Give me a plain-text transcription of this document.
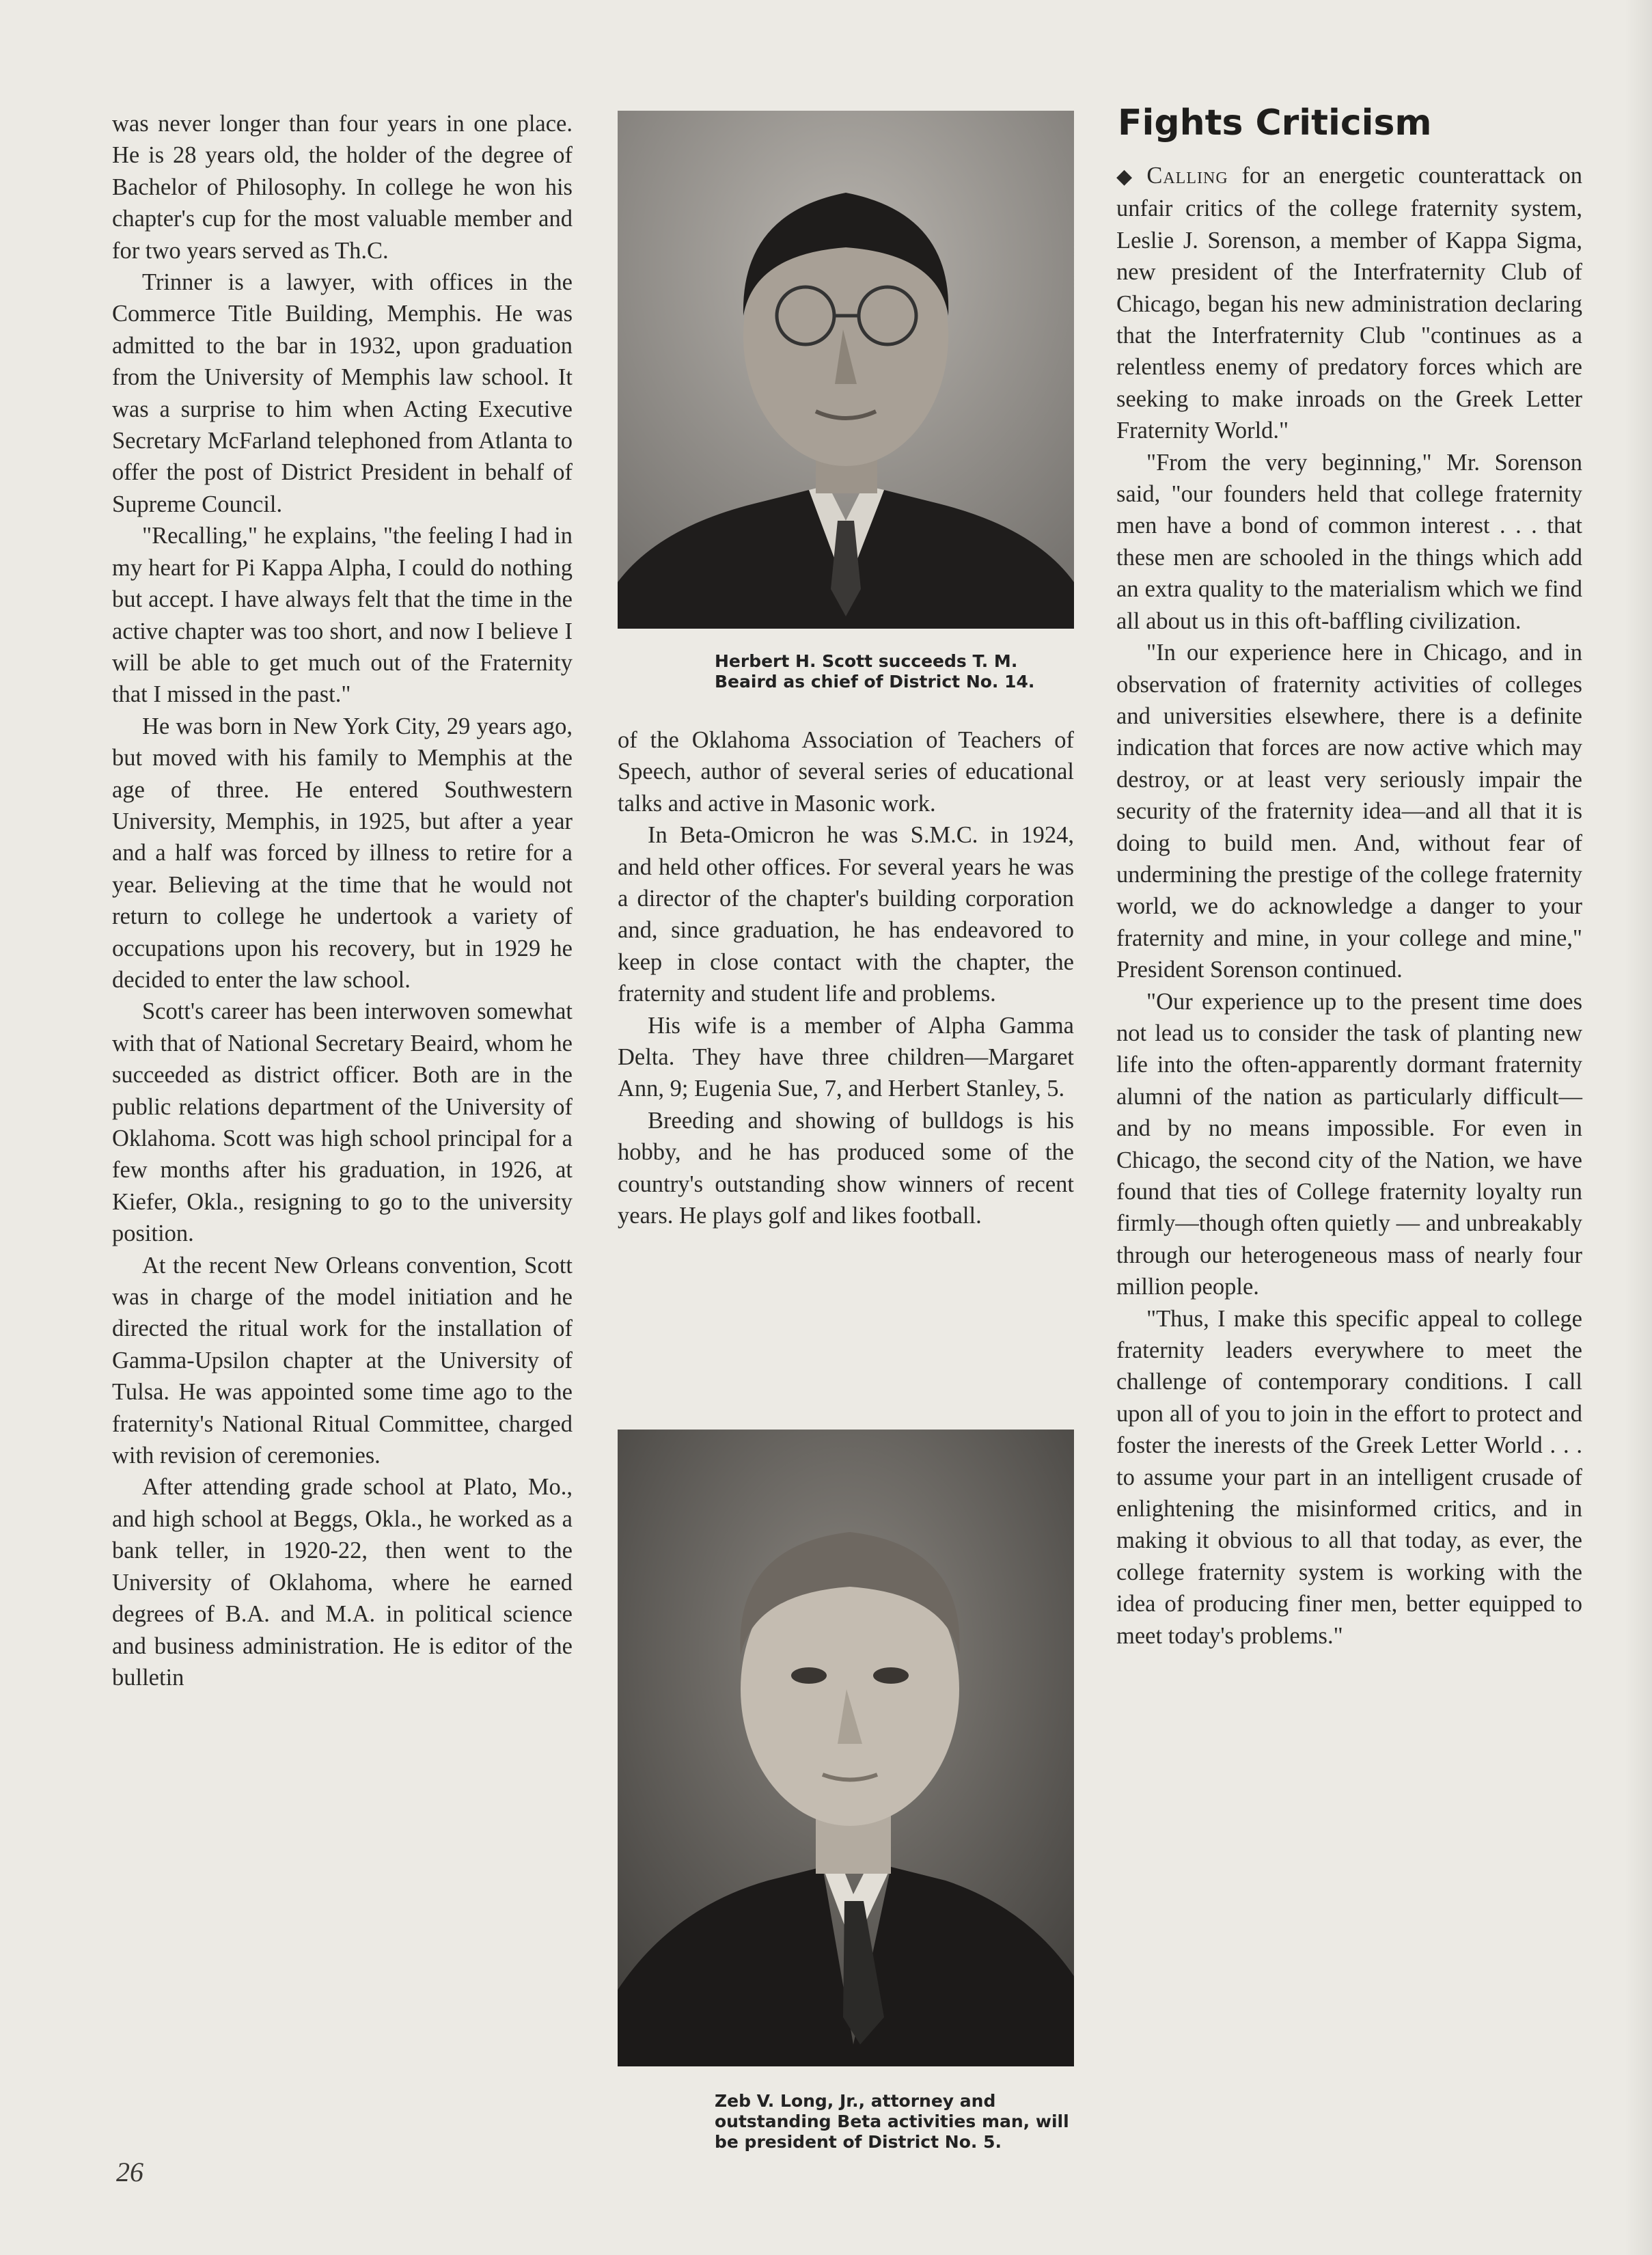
was never longer than four years in one place. He is 28 years old, the holder of the degree of Bachelor of Philosophy. In college he won his chapter's cup for the most valuable member and for two years served as Th.C.

Trinner is a lawyer, with offices in the Commerce Title Building, Memphis. He was admitted to the bar in 1932, upon graduation from the University of Memphis law school. It was a surprise to him when Acting Executive Secretary McFarland telephoned from Atlanta to offer the post of District President in behalf of Supreme Council.

"Recalling," he explains, "the feeling I had in my heart for Pi Kappa Alpha, I could do nothing but accept. I have always felt that the time in the active chapter was too short, and now I believe I will be able to get much out of the Fraternity that I missed in the past."

He was born in New York City, 29 years ago, but moved with his family to Memphis at the age of three. He entered Southwestern University, Memphis, in 1925, but after a year and a half was forced by illness to retire for a year. Believing at the time that he would not return to college he undertook a variety of occupations upon his recovery, but in 1929 he decided to enter the law school.

Scott's career has been interwoven somewhat with that of National Secretary Beaird, whom he succeeded as district officer. Both are in the public relations department of the University of Oklahoma. Scott was high school principal for a few months after his graduation, in 1926, at Kiefer, Okla., resigning to go to the university position.

At the recent New Orleans convention, Scott was in charge of the model initiation and he directed the ritual work for the installation of Gamma-Upsilon chapter at the University of Tulsa. He was appointed some time ago to the fraternity's National Ritual Committee, charged with revision of ceremonies.

After attending grade school at Plato, Mo., and high school at Beggs, Okla., he worked as a bank teller, in 1920-22, then went to the University of Oklahoma, where he earned degrees of B.A. and M.A. in political science and business administration. He is editor of the bulletin

Herbert H. Scott succeeds T. M. Beaird as chief of District No. 14.

of the Oklahoma Association of Teachers of Speech, author of several series of educational talks and active in Masonic work.

In Beta-Omicron he was S.M.C. in 1924, and held other offices. For several years he was a director of the chapter's building corporation and, since graduation, he has endeavored to keep in close contact with the chapter, the fraternity and student life and problems.

His wife is a member of Alpha Gamma Delta. They have three children—Margaret Ann, 9; Eugenia Sue, 7, and Herbert Stanley, 5.

Breeding and showing of bulldogs is his hobby, and he has produced some of the country's outstanding show winners of recent years. He plays golf and likes football.

Zeb V. Long, Jr., attorney and outstanding Beta activities man, will be president of District No. 5.
Fights Criticism

◆ Calling for an energetic counterattack on unfair critics of the college fraternity system, Leslie J. Sorenson, a member of Kappa Sigma, new president of the Interfraternity Club of Chicago, began his new administration declaring that the Interfraternity Club "continues as a relentless enemy of predatory forces which are seeking to make inroads on the Greek Letter Fraternity World."

"From the very beginning," Mr. Sorenson said, "our founders held that college fraternity men have a bond of common interest . . . that these men are schooled in the things which add an extra quality to the materialism which we find all about us in this oft-baffling civilization.

"In our experience here in Chicago, and in observation of fraternity activities of colleges and universities elsewhere, there is a definite indication that forces are now active which may destroy, or at least very seriously impair the security of the fraternity idea—and all that it is doing to build men. And, without fear of undermining the prestige of the college fraternity world, we do acknowledge a danger to your fraternity and mine, in your college and mine," President Sorenson continued.

"Our experience up to the present time does not lead us to consider the task of planting new life into the often-apparently dormant fraternity alumni of the nation as particularly difficult—and by no means impossible. For even in Chicago, the second city of the Nation, we have found that ties of College fraternity loyalty run firmly—though often quietly — and unbreakably through our heterogeneous mass of nearly four million people.

"Thus, I make this specific appeal to college fraternity leaders everywhere to meet the challenge of contemporary conditions. I call upon all of you to join in the effort to protect and foster the inerests of the Greek Letter World . . . to assume your part in an intelligent crusade of enlightening the misinformed critics, and in making it obvious to all that today, as ever, the college fraternity system is working with the idea of producing finer men, better equipped to meet today's problems."

26
